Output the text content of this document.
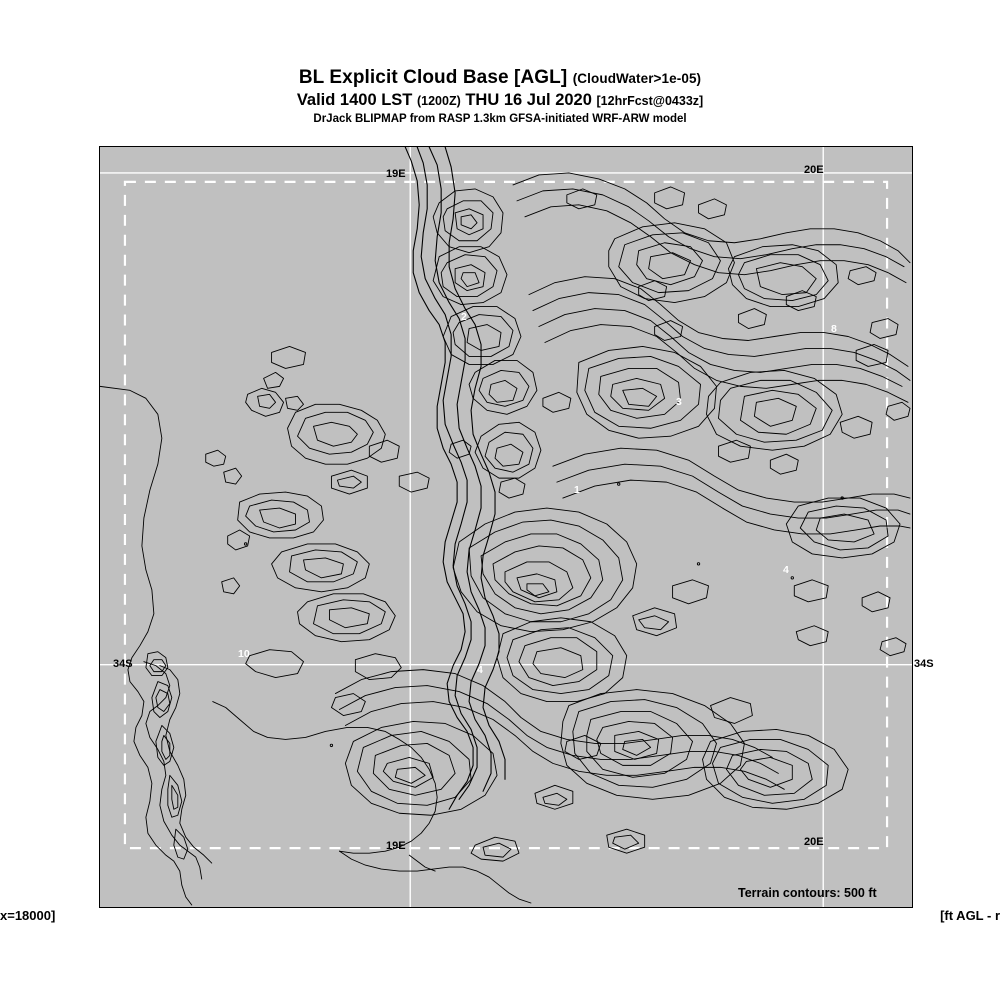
BL Explicit Cloud Base [AGL] (CloudWater>1e-05)
Valid 1400 LST (1200Z) THU 16 Jul 2020 [12hrFcst@0433z]
DrJack BLIPMAP from RASP 1.3km GFSA-initiated WRF-ARW model
2
8
3
1
4
10
4
19E	20E
19E	20E
34S	34S
Terrain contours: 500 ft
x=18000]	[ft AGL - r
